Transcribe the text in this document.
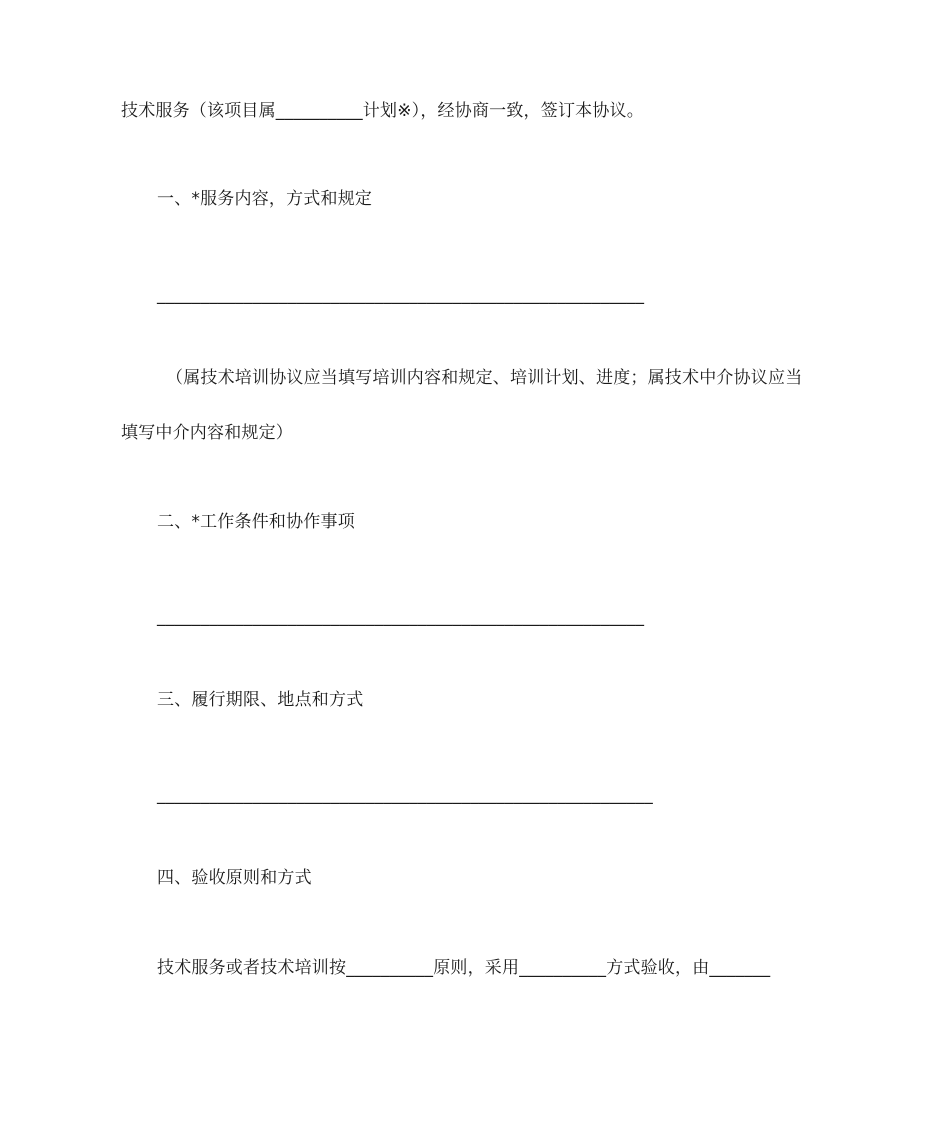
技术服务（该项目属__________计划※），经协商一致，签订本协议。
一、*服务内容，方式和规定
________________________________________________________
（属技术培训协议应当填写培训内容和规定、培训计划、进度；属技术中介协议应当
填写中介内容和规定）
二、*工作条件和协作事项
________________________________________________________
三、履行期限、地点和方式
_________________________________________________________
四、验收原则和方式
技术服务或者技术培训按__________原则，采用__________方式验收，由_______
